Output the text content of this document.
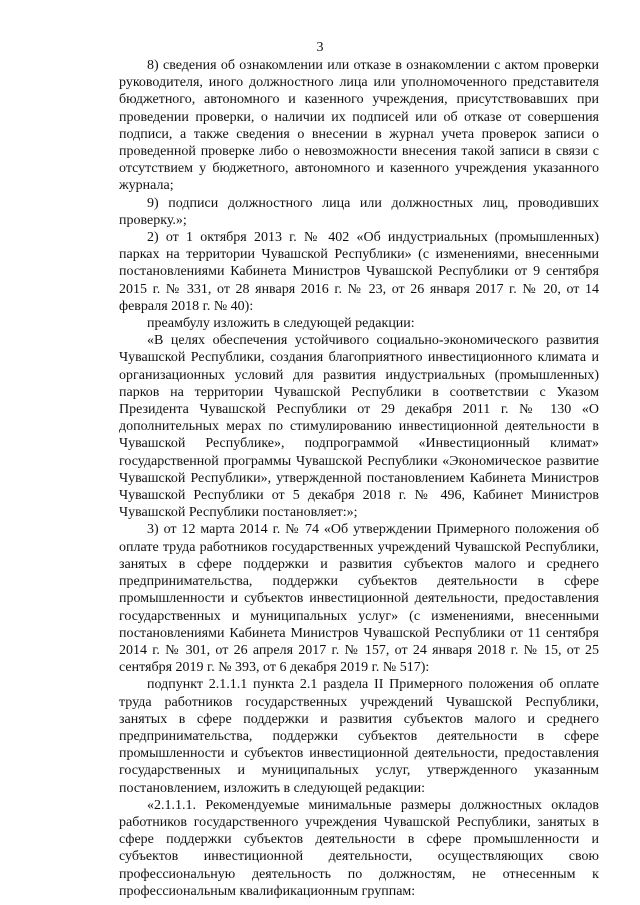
3

8) сведения об ознакомлении или отказе в ознакомлении с актом проверки руководителя, иного должностного лица или уполномоченного представителя бюджетного, автономного и казенного учреждения, присутствовавших при проведении проверки, о наличии их подписей или об отказе от совершения подписи, а также сведения о внесении в журнал учета проверок записи о проведенной проверке либо о невозможности внесения такой записи в связи с отсутствием у бюджетного, автономного и казенного учреждения указанного журнала;

9) подписи должностного лица или должностных лиц, проводивших проверку.»;

2) от 1 октября 2013 г. № 402 «Об индустриальных (промышленных) парках на территории Чувашской Республики» (с изменениями, внесенными постановлениями Кабинета Министров Чувашской Республики от 9 сентября 2015 г. № 331, от 28 января 2016 г. № 23, от 26 января 2017 г. № 20, от 14 февраля 2018 г. № 40):

преамбулу изложить в следующей редакции:

«В целях обеспечения устойчивого социально-экономического развития Чувашской Республики, создания благоприятного инвестиционного климата и организационных условий для развития индустриальных (промышленных) парков на территории Чувашской Республики в соответствии с Указом Президента Чувашской Республики от 29 декабря 2011 г. № 130 «О дополнительных мерах по стимулированию инвестиционной деятельности в Чувашской Республике», подпрограммой «Инвестиционный климат» государственной программы Чувашской Республики «Экономическое развитие Чувашской Республики», утвержденной постановлением Кабинета Министров Чувашской Республики от 5 декабря 2018 г. № 496, Кабинет Министров Чувашской Республики постановляет:»;

3) от 12 марта 2014 г. № 74 «Об утверждении Примерного положения об оплате труда работников государственных учреждений Чувашской Республики, занятых в сфере поддержки и развития субъектов малого и среднего предпринимательства, поддержки субъектов деятельности в сфере промышленности и субъектов инвестиционной деятельности, предоставления государственных и муниципальных услуг» (с изменениями, внесенными постановлениями Кабинета Министров Чувашской Республики от 11 сентября 2014 г. № 301, от 26 апреля 2017 г. № 157, от 24 января 2018 г. № 15, от 25 сентября 2019 г. № 393, от 6 декабря 2019 г. № 517):

подпункт 2.1.1.1 пункта 2.1 раздела II Примерного положения об оплате труда работников государственных учреждений Чувашской Республики, занятых в сфере поддержки и развития субъектов малого и среднего предпринимательства, поддержки субъектов деятельности в сфере промышленности и субъектов инвестиционной деятельности, предоставления государственных и муниципальных услуг, утвержденного указанным постановлением, изложить в следующей редакции:

«2.1.1.1. Рекомендуемые минимальные размеры должностных окладов работников государственного учреждения Чувашской Республики, занятых в сфере поддержки субъектов деятельности в сфере промышленности и субъектов инвестиционной деятельности, осуществляющих свою профессиональную деятельность по должностям, не отнесенным к профессиональным квалификационным группам:
